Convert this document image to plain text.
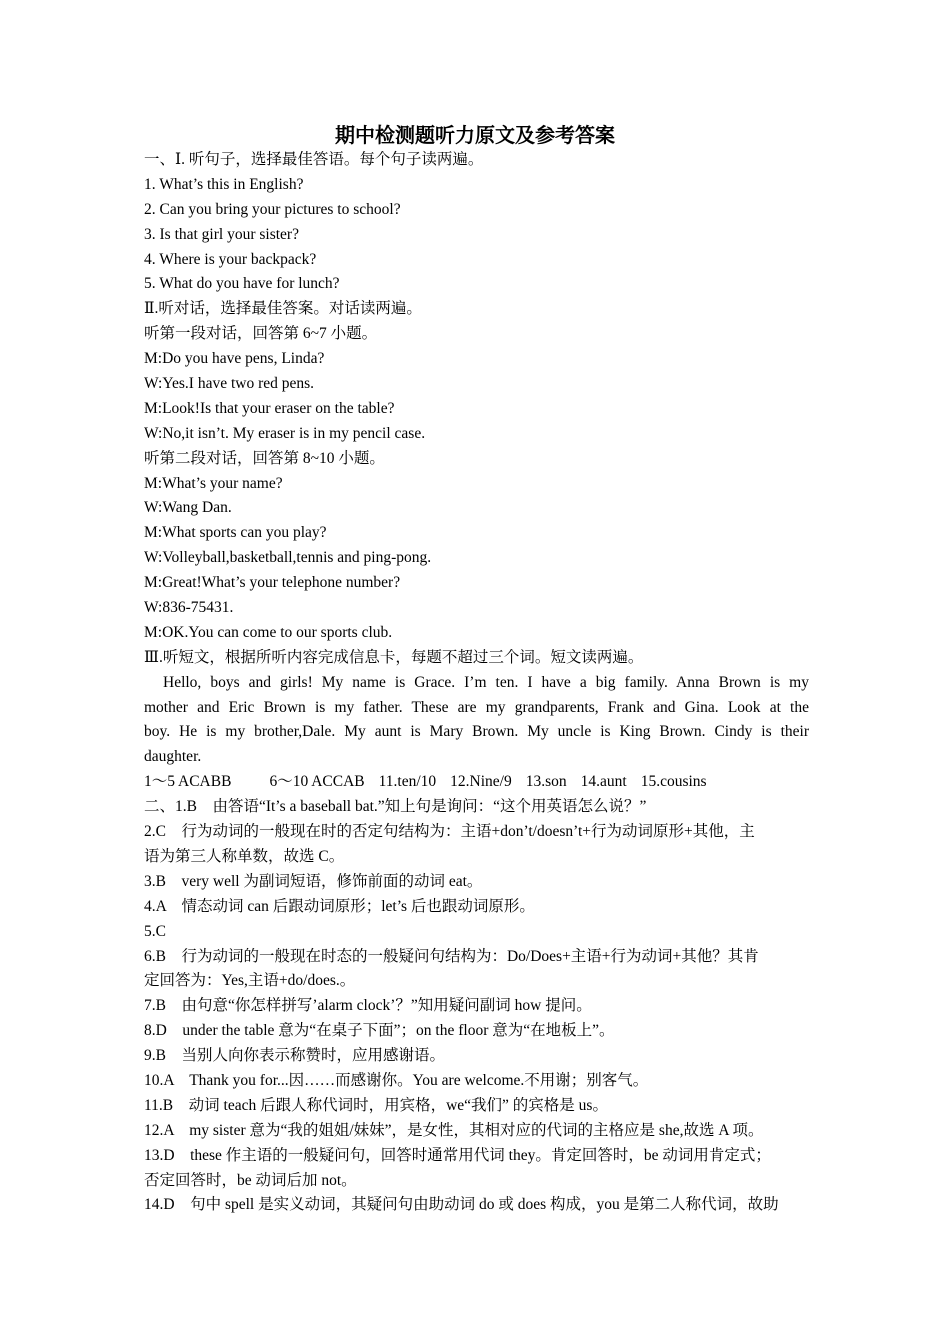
期中检测题听力原文及参考答案
一、Ⅰ. 听句子，选择最佳答语。每个句子读两遍。
1. What’s this in English?
2. Can you bring your pictures to school?
3. Is that girl your sister?
4. Where is your backpack?
5. What do you have for lunch?
Ⅱ.听对话，选择最佳答案。对话读两遍。
听第一段对话，回答第 6~7 小题。
M:Do you have pens, Linda?
W:Yes.I have two red pens.
M:Look!Is that your eraser on the table?
W:No,it isn’t. My eraser is in my pencil case.
听第二段对话，回答第 8~10 小题。
M:What’s your name?
W:Wang Dan.
M:What sports can you play?
W:Volleyball,basketball,tennis and ping-pong.
M:Great!What’s your telephone number?
W:836-75431.
M:OK.You can come to our sports club.
Ⅲ.听短文，根据所听内容完成信息卡，每题不超过三个词。短文读两遍。
Hello, boys and girls! My name is Grace. I’m ten. I have a big family. Anna Brown is my
mother and Eric Brown is my father. These are my grandparents, Frank and Gina. Look at the
boy. He is my brother,Dale. My aunt is Mary Brown. My uncle is King Brown. Cindy is their
daughter.
1～5 ACABB 6～10 ACCAB 11.ten/10 12.Nine/9 13.son 14.aunt 15.cousins
二、1.B　由答语“It’s a baseball bat.”知上句是询问：“这个用英语怎么说？”
2.C　行为动词的一般现在时的否定句结构为：主语+don’t/doesn’t+行为动词原形+其他，主
语为第三人称单数，故选 C。
3.B　very well 为副词短语，修饰前面的动词 eat。
4.A　情态动词 can 后跟动词原形；let’s 后也跟动词原形。
5.C
6.B　行为动词的一般现在时态的一般疑问句结构为：Do/Does+主语+行为动词+其他？其肯
定回答为：Yes,主语+do/does.。
7.B　由句意“你怎样拼写’alarm clock’？”知用疑问副词 how 提问。
8.D　under the table 意为“在桌子下面”；on the floor 意为“在地板上”。
9.B　当别人向你表示称赞时，应用感谢语。
10.A　Thank you for...因……而感谢你。You are welcome.不用谢；别客气。
11.B　动词 teach 后跟人称代词时，用宾格，we“我们” 的宾格是 us。
12.A　my sister 意为“我的姐姐/妹妹”，是女性，其相对应的代词的主格应是 she,故选 A 项。
13.D　these 作主语的一般疑问句，回答时通常用代词 they。肯定回答时，be 动词用肯定式；
否定回答时，be 动词后加 not。
14.D　句中 spell 是实义动词，其疑问句由助动词 do 或 does 构成，you 是第二人称代词，故助
